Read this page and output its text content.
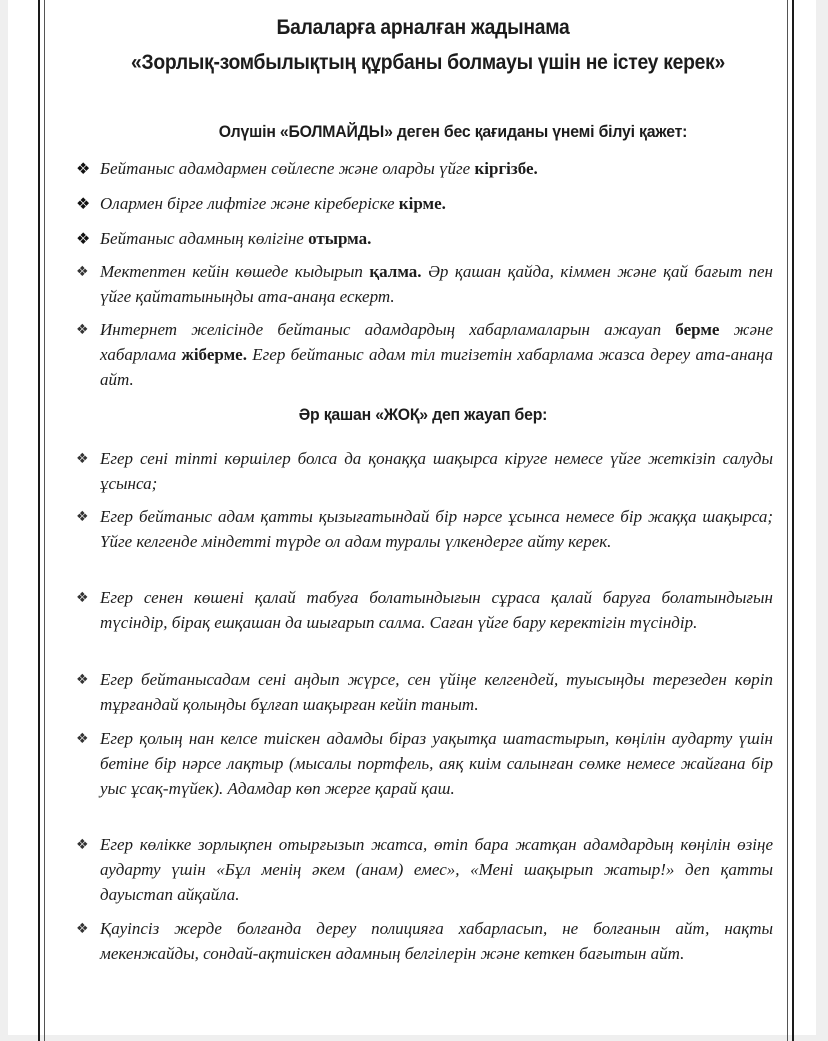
Балаларға арналған жадынама
«Зорлық-зомбылықтың құрбаны болмауы үшін не істеу керек»
Олүшін «БОЛМАЙДЫ» деген бес қағиданы үнемі білуі қажет:
❖ Бейтаныс адамдармен сөйлеспе және оларды үйге кіргізбе.
❖ Олармен бірге лифтіге және кіреберіске кірме.
❖ Бейтаныс адамның көлігіне отырма.
❖ Мектептен кейін көшеде кыдырып қалма. Әр қашан қайда, кіммен және қай бағыт пен үйге қайтатыныңды ата-анаңа ескерт.
❖ Интернет желісінде бейтаныс адамдардың хабарламаларын ажауап берме және хабарлама жіберме. Егер бейтаныс адам тіл тигізетін хабарлама жазса дереу ата-анаңа айт.
Әр қашан «ЖОҚ» деп жауап бер:
❖ Егер сені тіпті көршілер болса да қонаққа шақырса кіруге немесе үйге жеткізіп салуды ұсынса;
❖ Егер бейтаныс адам қатты қызығатындай бір нәрсе ұсынса немесе бір жаққа шақырса; Үйге келгенде міндетті түрде ол адам туралы үлкендерге айту керек.
❖ Егер сенен көшені қалай табуға болатындығын сұраса қалай баруға болатындығын түсіндір, бірақ ешқашан да шығарып салма. Саған үйге бару керектігін түсіндір.
❖ Егер бейтанысадам сені аңдып жүрсе, сен үйіңе келгендей, туысыңды терезеден көріп тұрғандай қолыңды бұлғап шақырған кейіп таныт.
❖ Егер қолың нан келсе тиіскен адамды біраз уақытқа шатастырып, көңілін аударту үшін бетіне бір нәрсе лақтыр (мысалы портфель, аяқ киім салынған сөмке немесе жайғана бір уыс ұсақ-түйек). Адамдар көп жерге қарай қаш.
❖ Егер көлікке зорлықпен отырғызып жатса, өтіп бара жатқан адамдардың көңілін өзіңе аударту үшін «Бұл менің әкем (анам) емес», «Мені шақырып жатыр!» деп қатты дауыстап айқайла.
❖ Қауіпсіз жерде болғанда дереу полицияға хабарласып, не болғанын айт, нақты мекенжайды, сондай-ақтиіскен адамның белгілерін және кеткен бағытын айт.
